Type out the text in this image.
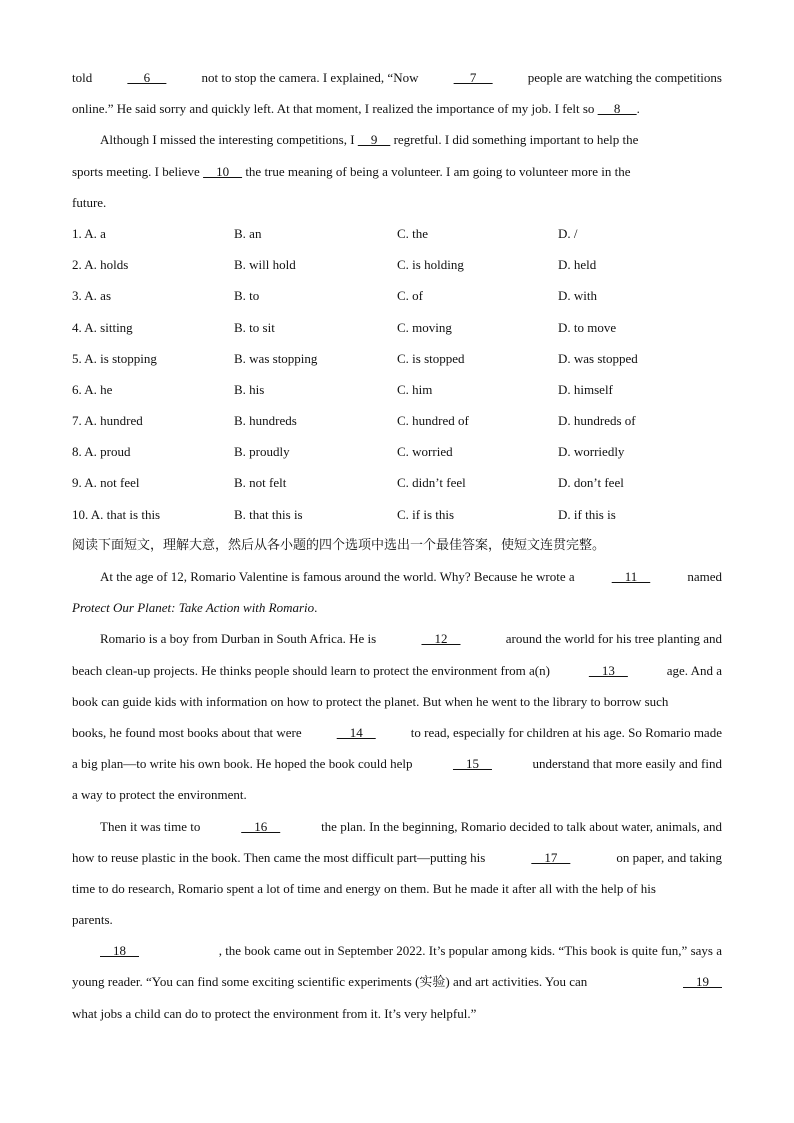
told	6	not to stop the camera. I explained, “Now	7	people are watching the competitions
online.” He said sorry and quickly left. At that moment, I realized the importance of my job. I felt so      8     .
Although I missed the interesting competitions, I     9     regretful. I did something important to help the
sports meeting. I believe     10     the true meaning of being a volunteer. I am going to volunteer more in the
future.
1. A. a	B. an	C. the	D. /
2. A. holds	B. will hold	C. is holding	D. held
3. A. as	B. to	C. of	D. with
4. A. sitting	B. to sit	C. moving	D. to move
5. A. is stopping	B. was stopping	C. is stopped	D. was stopped
6. A. he	B. his	C. him	D. himself
7. A. hundred	B. hundreds	C. hundred of	D. hundreds of
8. A. proud	B. proudly	C. worried	D. worriedly
9. A. not feel	B. not felt	C. didn’t feel	D. don’t feel
10. A. that is this	B. that this is	C. if is this	D. if this is
阅读下面短文，理解大意，然后从各小题的四个选项中选出一个最佳答案，使短文连贯完整。
At the age of 12, Romario Valentine is famous around the world. Why? Because he wrote a	11	named
Protect Our Planet: Take Action with Romario.
Romario is a boy from Durban in South Africa. He is	12	around the world for his tree planting and
beach clean-up projects. He thinks people should learn to protect the environment from a(n)	13	age. And a
book can guide kids with information on how to protect the planet. But when he went to the library to borrow such
books, he found most books about that were	14	to read, especially for children at his age. So Romario made
a big plan—to write his own book. He hoped the book could help	15	understand that more easily and find
a way to protect the environment.
Then it was time to	16	the plan. In the beginning, Romario decided to talk about water, animals, and
how to reuse plastic in the book. Then came the most difficult part—putting his	17	on paper, and taking
time to do research, Romario spent a lot of time and energy on them. But he made it after all with the help of his
parents.
18	, the book came out in September 2022. It’s popular among kids. “This book is quite fun,” says a
young reader. “You can find some exciting scientific experiments (实验) and art activities. You can	19
what jobs a child can do to protect the environment from it. It’s very helpful.”
